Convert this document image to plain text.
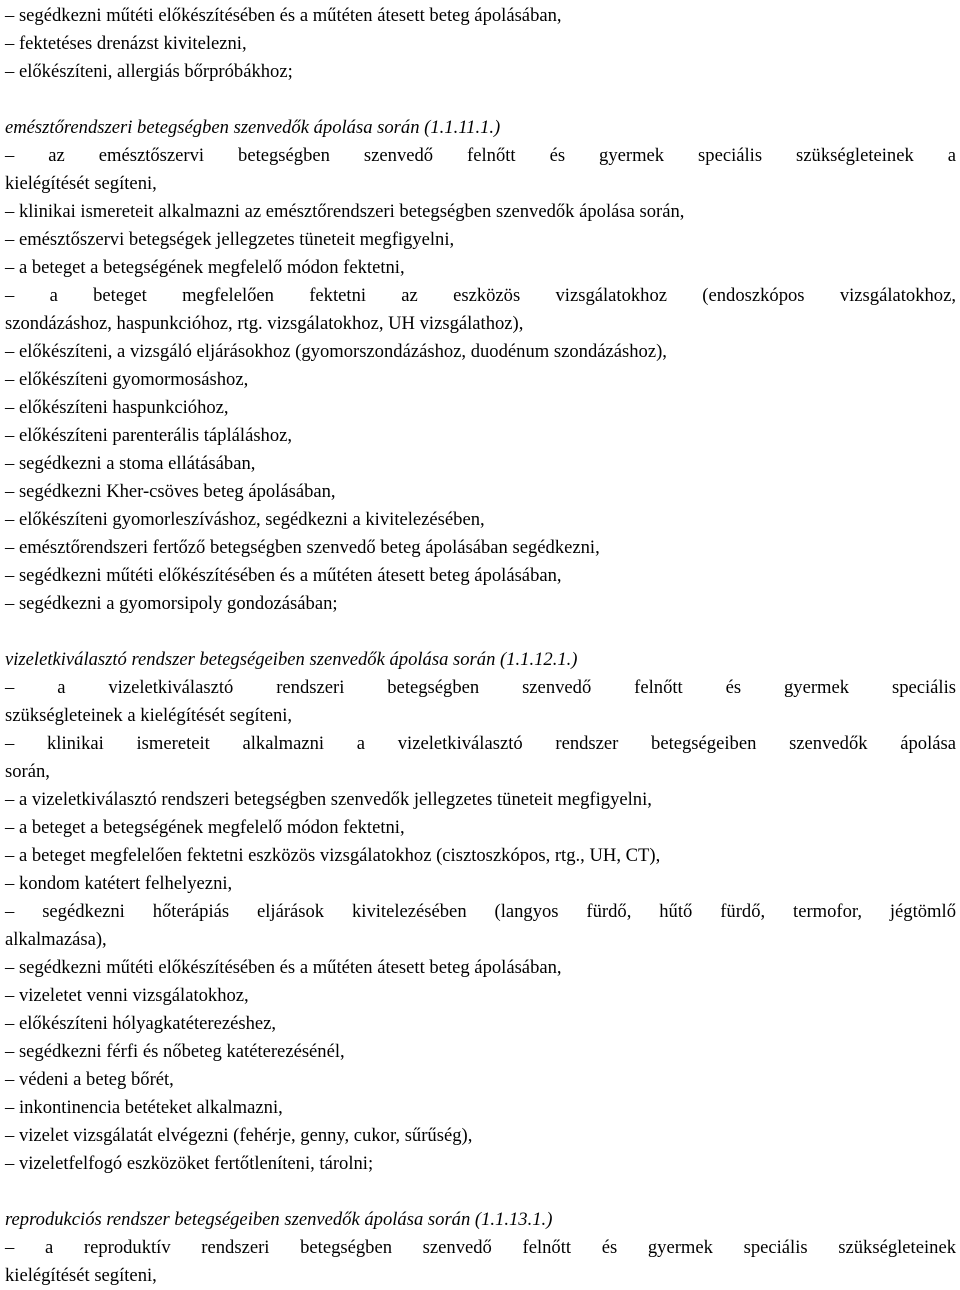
– segédkezni műtéti előkészítésében és a műtéten átesett beteg ápolásában,
– fektetéses drenázst kivitelezni,
– előkészíteni, allergiás bőrpróbákhoz;
emésztőrendszeri betegségben szenvedők ápolása során (1.1.11.1.)
– az emésztőszervi betegségben szenvedő felnőtt és gyermek speciális szükségleteinek a
kielégítését segíteni,
– klinikai ismereteit alkalmazni az emésztőrendszeri betegségben szenvedők ápolása során,
– emésztőszervi betegségek jellegzetes tüneteit megfigyelni,
– a beteget a betegségének megfelelő módon fektetni,
– a beteget megfelelően fektetni az eszközös vizsgálatokhoz (endoszkópos vizsgálatokhoz,
szondázáshoz, haspunkcióhoz, rtg. vizsgálatokhoz, UH vizsgálathoz),
– előkészíteni, a vizsgáló eljárásokhoz (gyomorszondázáshoz, duodénum szondázáshoz),
– előkészíteni gyomormosáshoz,
– előkészíteni haspunkcióhoz,
– előkészíteni parenterális tápláláshoz,
– segédkezni a stoma ellátásában,
– segédkezni Kher-csöves beteg ápolásában,
– előkészíteni gyomorleszíváshoz, segédkezni a kivitelezésében,
– emésztőrendszeri fertőző betegségben szenvedő beteg ápolásában segédkezni,
– segédkezni műtéti előkészítésében és a műtéten átesett beteg ápolásában,
– segédkezni a gyomorsipoly gondozásában;
vizeletkiválasztó rendszer betegségeiben szenvedők ápolása során (1.1.12.1.)
– a vizeletkiválasztó rendszeri betegségben szenvedő felnőtt és gyermek speciális
szükségleteinek a kielégítését segíteni,
– klinikai ismereteit alkalmazni a vizeletkiválasztó rendszer betegségeiben szenvedők ápolása
során,
– a vizeletkiválasztó rendszeri betegségben szenvedők jellegzetes tüneteit megfigyelni,
– a beteget a betegségének megfelelő módon fektetni,
– a beteget megfelelően fektetni eszközös vizsgálatokhoz (cisztoszkópos, rtg., UH, CT),
– kondom katétert felhelyezni,
– segédkezni hőterápiás eljárások kivitelezésében (langyos fürdő, hűtő fürdő, termofor, jégtömlő
alkalmazása),
– segédkezni műtéti előkészítésében és a műtéten átesett beteg ápolásában,
– vizeletet venni vizsgálatokhoz,
– előkészíteni hólyagkatéterezéshez,
– segédkezni férfi és nőbeteg katéterezésénél,
– védeni a beteg bőrét,
– inkontinencia betéteket alkalmazni,
– vizelet vizsgálatát elvégezni (fehérje, genny, cukor, sűrűség),
– vizeletfelfogó eszközöket fertőtleníteni, tárolni;
reprodukciós rendszer betegségeiben szenvedők ápolása során (1.1.13.1.)
– a reproduktív rendszeri betegségben szenvedő felnőtt és gyermek speciális szükségleteinek
kielégítését segíteni,
